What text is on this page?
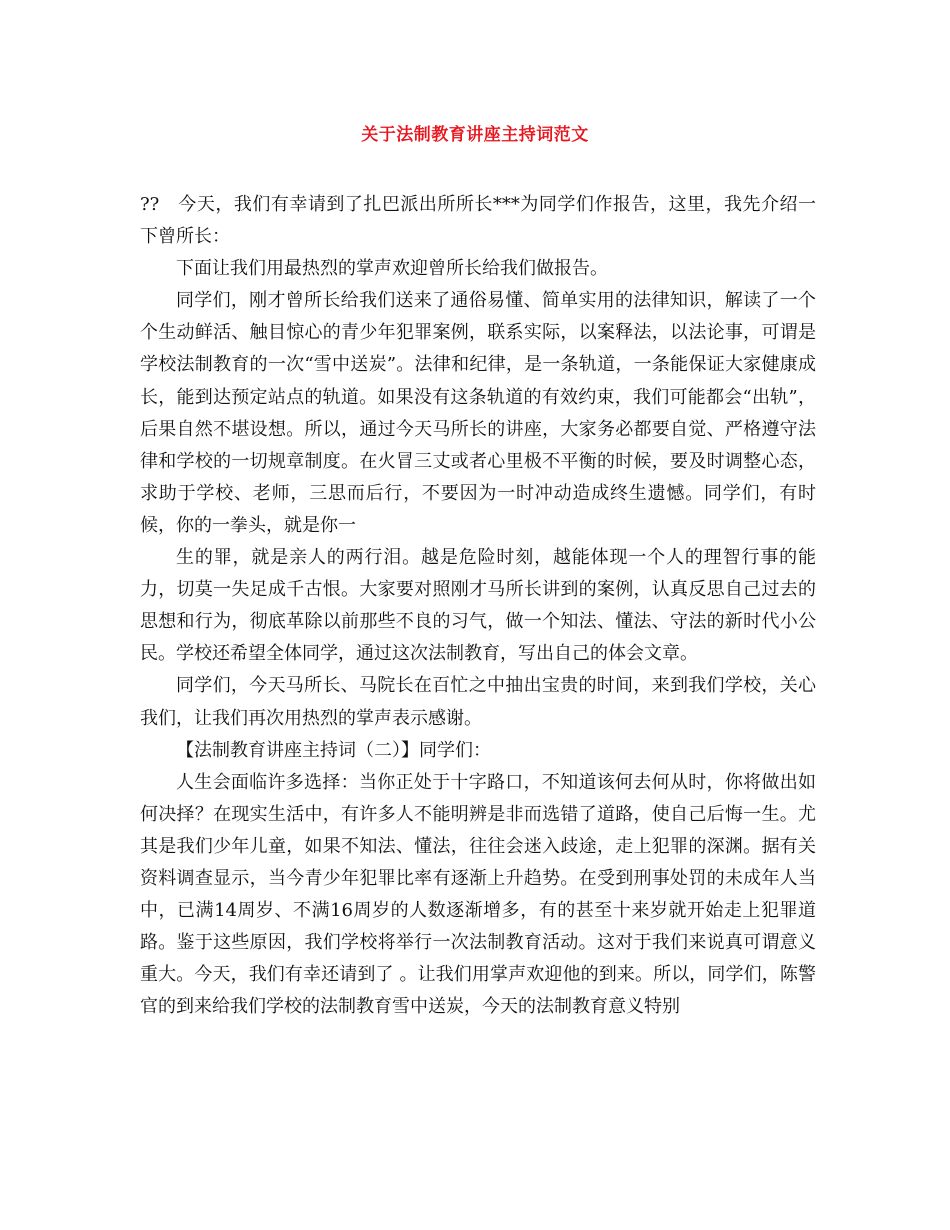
关于法制教育讲座主持词范文

??　今天，我们有幸请到了扎巴派出所所长***为同学们作报告，这里，我先介绍一下曾所长：

下面让我们用最热烈的掌声欢迎曾所长给我们做报告。

同学们，刚才曾所长给我们送来了通俗易懂、简单实用的法律知识，解读了一个个生动鲜活、触目惊心的青少年犯罪案例，联系实际，以案释法，以法论事，可谓是学校法制教育的一次“雪中送炭”。法律和纪律，是一条轨道，一条能保证大家健康成长，能到达预定站点的轨道。如果没有这条轨道的有效约束，我们可能都会“出轨”，后果自然不堪设想。所以，通过今天马所长的讲座，大家务必都要自觉、严格遵守法律和学校的一切规章制度。在火冒三丈或者心里极不平衡的时候，要及时调整心态，求助于学校、老师，三思而后行，不要因为一时冲动造成终生遗憾。同学们，有时候，你的一拳头，就是你一

生的罪，就是亲人的两行泪。越是危险时刻，越能体现一个人的理智行事的能力，切莫一失足成千古恨。大家要对照刚才马所长讲到的案例，认真反思自己过去的思想和行为，彻底革除以前那些不良的习气，做一个知法、懂法、守法的新时代小公民。学校还希望全体同学，通过这次法制教育，写出自己的体会文章。

同学们，今天马所长、马院长在百忙之中抽出宝贵的时间，来到我们学校，关心我们，让我们再次用热烈的掌声表示感谢。

【法制教育讲座主持词（二）】同学们：

人生会面临许多选择：当你正处于十字路口，不知道该何去何从时，你将做出如何决择？在现实生活中，有许多人不能明辨是非而选错了道路，使自己后悔一生。尤其是我们少年儿童，如果不知法、懂法，往往会迷入歧途，走上犯罪的深渊。据有关资料调查显示，当今青少年犯罪比率有逐渐上升趋势。在受到刑事处罚的未成年人当中，已满14周岁、不满16周岁的人数逐渐增多，有的甚至十来岁就开始走上犯罪道路。鉴于这些原因，我们学校将举行一次法制教育活动。这对于我们来说真可谓意义重大。今天，我们有幸还请到了 。让我们用掌声欢迎他的到来。所以，同学们，陈警官的到来给我们学校的法制教育雪中送炭，今天的法制教育意义特别
